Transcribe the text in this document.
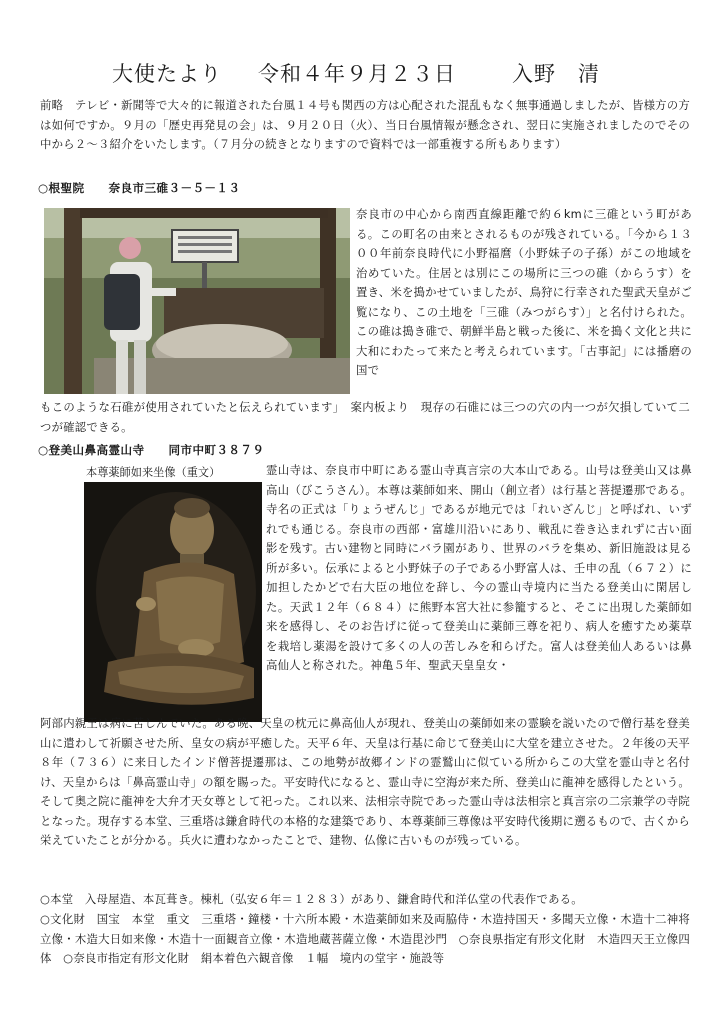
大使たより 令和４年９月２３日	入野　清
前略　テレビ・新聞等で大々的に報道された台風１４号も関西の方は心配された混乱もなく無事通過しましたが、皆様方の方は如何ですか。９月の「歴史再発見の会」は、９月２０日（火）、当日台風情報が懸念され、翌日に実施されましたのでその中から２～３紹介をいたします。（７月分の続きとなりますので資料では一部重複する所もあります）
○根聖院　　奈良市三碓３－５－１３
奈良市の中心から南西直線距離で約６kmに三碓という町がある。この町名の由来とされるものが残されている。「今から１３００年前奈良時代に小野福麿（小野妹子の子孫）がこの地域を治めていた。住居とは別にこの場所に三つの碓（からうす）を置き、米を搗かせていましたが、鳥狩に行幸された聖武天皇がご覧になり、この土地を「三碓（みつがらす）」と名付けられた。この碓は搗き碓で、朝鮮半島と戦った後に、米を搗く文化と共に大和にわたって来たと考えられています。「古事記」には播磨の国で
もこのような石碓が使用されていたと伝えられています」　案内板より　現存の石碓には三つの穴の内一つが欠損していて二つが確認できる。
○登美山鼻高霊山寺　　同市中町３８７９
本尊薬師如来坐像（重文）	霊山寺は、奈良市中町にある霊山寺真言宗の大本山である。山号は登美山又は鼻高山（びこうさん）。本尊は薬師如来、開山（創立者）は行基と菩提遷那である。寺名の正式は「りょうぜんじ」であるが地元では「れいざんじ」と呼ばれ、いずれでも通じる。奈良市の西部・富雄川沿いにあり、戦乱に巻き込まれずに古い面影を残す。古い建物と同時にバラ園があり、世界のバラを集め、新旧施設は見る所が多い。伝承によると小野妹子の子である小野富人は、壬申の乱（６７２）に加担したかどで右大臣の地位を辞し、今の霊山寺境内に当たる登美山に閑居した。天武１２年（６８４）に熊野本宮大社に参籠すると、そこに出現した薬師如来を感得し、そのお告げに従って登美山に薬師三尊を祀り、病人を癒すため薬草を栽培し薬湯を設けて多くの人の苦しみを和らげた。富人は登美仙人あるいは鼻高仙人と称された。神亀５年、聖武天皇皇女・
阿部内親王は病に苦しんでいた。ある晩、天皇の枕元に鼻高仙人が現れ、登美山の薬師如来の霊験を説いたので僧行基を登美山に遣わして祈願させた所、皇女の病が平癒した。天平６年、天皇は行基に命じて登美山に大堂を建立させた。２年後の天平８年（７３６）に来日したインド僧菩提遷那は、この地勢が故郷インドの霊鷲山に似ている所からこの大堂を霊山寺と名付け、天皇からは「鼻高霊山寺」の額を賜った。平安時代になると、霊山寺に空海が来た所、登美山に龍神を感得したという。そして奥之院に龍神を大弁才天女尊として祀った。これ以来、法相宗寺院であった霊山寺は法相宗と真言宗の二宗兼学の寺院となった。現存する本堂、三重塔は鎌倉時代の本格的な建築であり、本尊薬師三尊像は平安時代後期に遡るもので、古くから栄えていたことが分かる。兵火に遭わなかったことで、建物、仏像に古いものが残っている。
○本堂　入母屋造、本瓦葺き。棟札（弘安６年＝１２８３）があり、鎌倉時代和洋仏堂の代表作である。
○文化財　国宝　本堂　重文　三重塔・鐘楼・十六所本殿・木造薬師如来及両脇侍・木造持国天・多聞天立像・木造十二神将立像・木造大日如来像・木造十一面観音立像・木造地蔵菩薩立像・木造毘沙門　○奈良県指定有形文化財　木造四天王立像四体　○奈良市指定有形文化財　絹本着色六観音像　１幅　境内の堂宇・施設等
